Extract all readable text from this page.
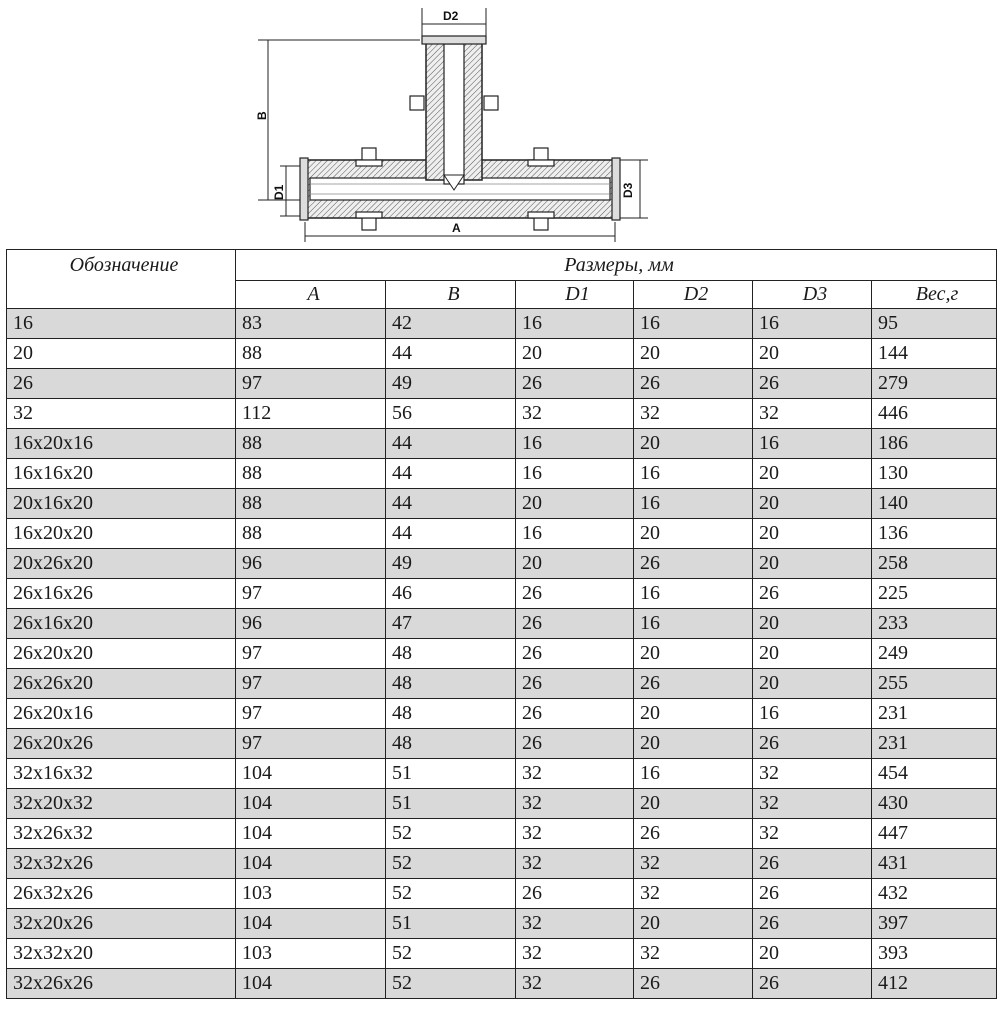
D2
B
D1	D3
A
Обозначение	Размеры, мм					
	A	B	D1	D2	D3	Вес,г
16	83	42	16	16	16	95
20	88	44	20	20	20	144
26	97	49	26	26	26	279
32	112	56	32	32	32	446
16x20x16	88	44	16	20	16	186
16x16x20	88	44	16	16	20	130
20x16x20	88	44	20	16	20	140
16x20x20	88	44	16	20	20	136
20x26x20	96	49	20	26	20	258
26x16x26	97	46	26	16	26	225
26x16x20	96	47	26	16	20	233
26x20x20	97	48	26	20	20	249
26x26x20	97	48	26	26	20	255
26x20x16	97	48	26	20	16	231
26x20x26	97	48	26	20	26	231
32x16x32	104	51	32	16	32	454
32x20x32	104	51	32	20	32	430
32x26x32	104	52	32	26	32	447
32x32x26	104	52	32	32	26	431
26x32x26	103	52	26	32	26	432
32x20x26	104	51	32	20	26	397
32x32x20	103	52	32	32	20	393
32x26x26	104	52	32	26	26	412
